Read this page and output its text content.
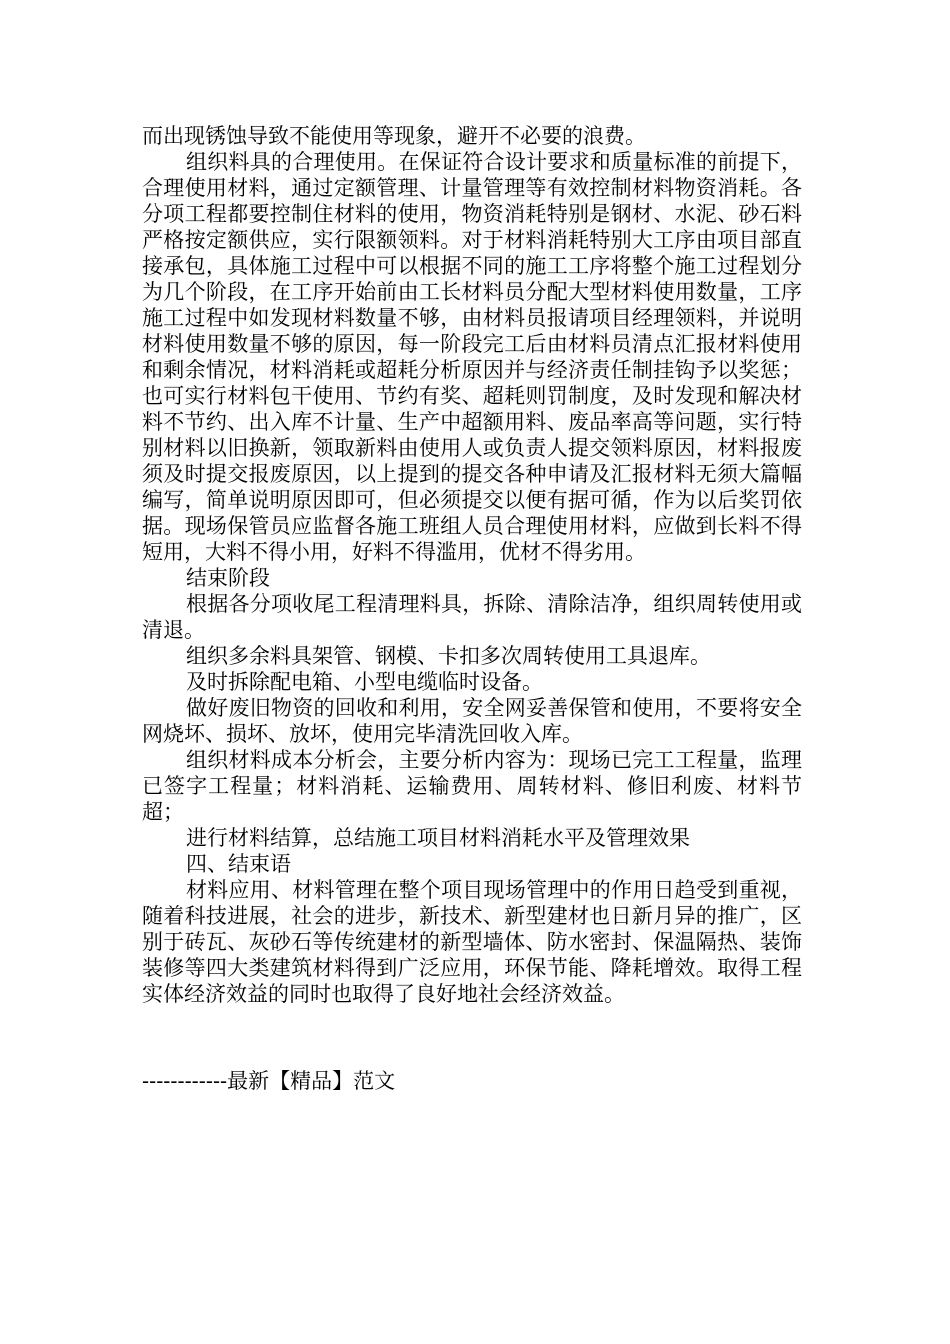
而出现锈蚀导致不能使用等现象，避开不必要的浪费。

组织料具的合理使用。在保证符合设计要求和质量标准的前提下，合理使用材料，通过定额管理、计量管理等有效控制材料物资消耗。各分项工程都要控制住材料的使用，物资消耗特别是钢材、水泥、砂石料严格按定额供应，实行限额领料。对于材料消耗特别大工序由项目部直接承包，具体施工过程中可以根据不同的施工工序将整个施工过程划分为几个阶段，在工序开始前由工长材料员分配大型材料使用数量，工序施工过程中如发现材料数量不够，由材料员报请项目经理领料，并说明材料使用数量不够的原因，每一阶段完工后由材料员清点汇报材料使用和剩余情况，材料消耗或超耗分析原因并与经济责任制挂钩予以奖惩；也可实行材料包干使用、节约有奖、超耗则罚制度，及时发现和解决材料不节约、出入库不计量、生产中超额用料、废品率高等问题，实行特别材料以旧换新，领取新料由使用人或负责人提交领料原因，材料报废须及时提交报废原因，以上提到的提交各种申请及汇报材料无须大篇幅编写，简单说明原因即可，但必须提交以便有据可循，作为以后奖罚依据。现场保管员应监督各施工班组人员合理使用材料，应做到长料不得短用，大料不得小用，好料不得滥用，优材不得劣用。

结束阶段

根据各分项收尾工程清理料具，拆除、清除洁净，组织周转使用或清退。

组织多余料具架管、钢模、卡扣多次周转使用工具退库。

及时拆除配电箱、小型电缆临时设备。

做好废旧物资的回收和利用，安全网妥善保管和使用，不要将安全网烧坏、损坏、放坏，使用完毕清洗回收入库。

组织材料成本分析会，主要分析内容为：现场已完工工程量，监理已签字工程量；材料消耗、运输费用、周转材料、修旧利废、材料节超；

进行材料结算，总结施工项目材料消耗水平及管理效果

四、结束语

材料应用、材料管理在整个项目现场管理中的作用日趋受到重视，随着科技进展，社会的进步，新技术、新型建材也日新月异的推广，区别于砖瓦、灰砂石等传统建材的新型墙体、防水密封、保温隔热、装饰装修等四大类建筑材料得到广泛应用，环保节能、降耗增效。取得工程实体经济效益的同时也取得了良好地社会经济效益。

------------最新【精品】范文
